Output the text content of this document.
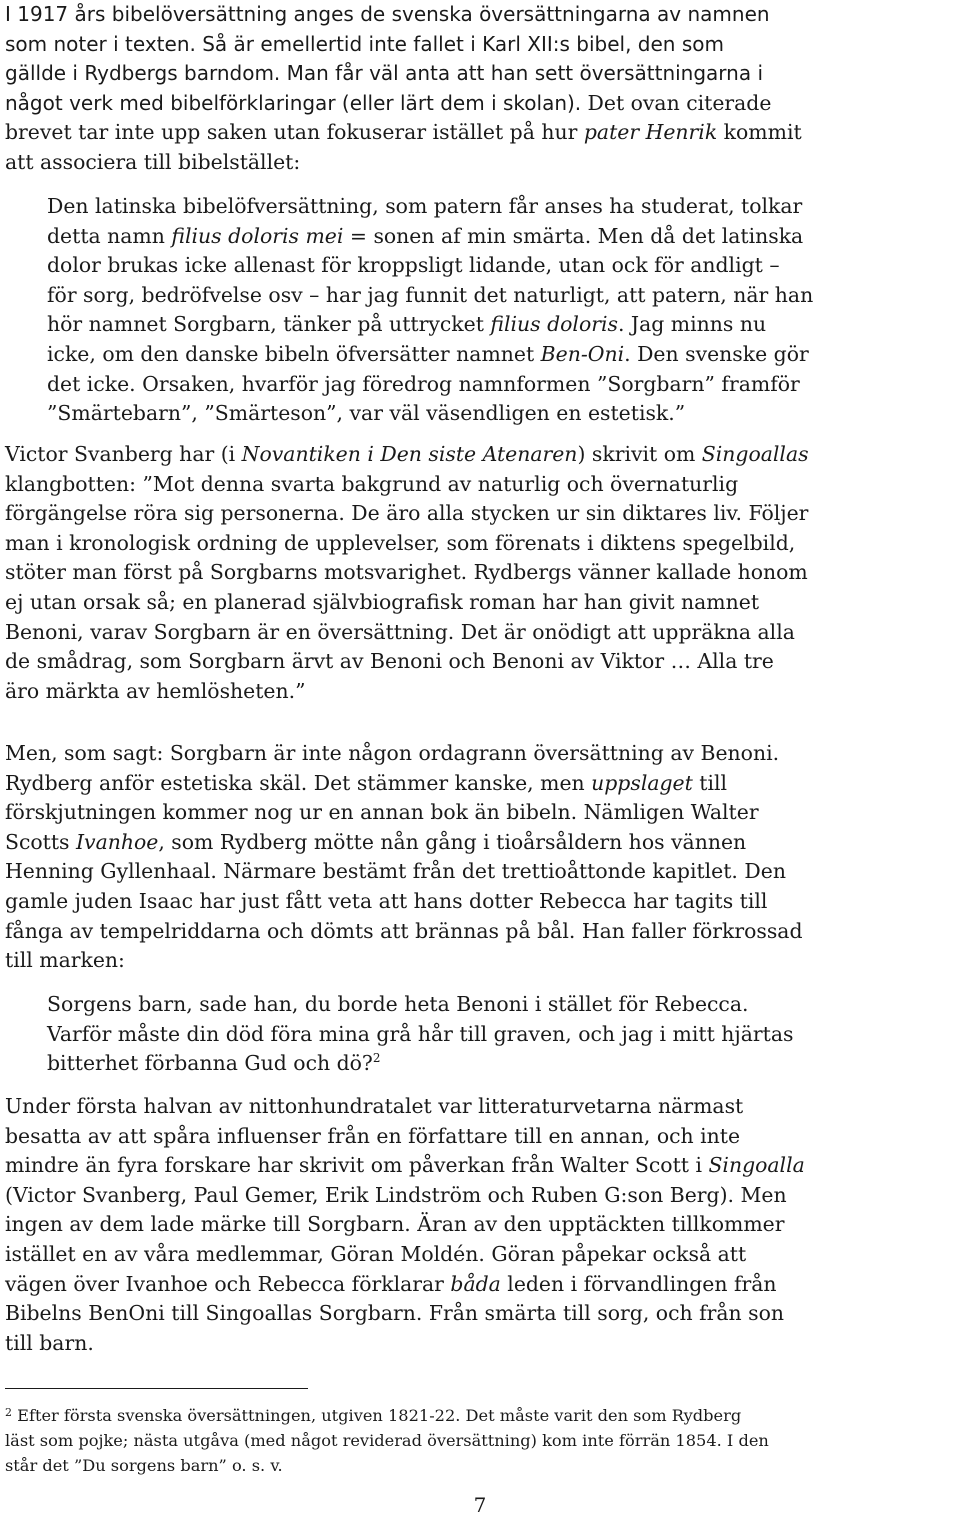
I 1917 års bibelöversättning anges de svenska översättningarna av namnen
som noter i texten. Så är emellertid inte fallet i Karl XII:s bibel, den som
gällde i Rydbergs barndom. Man får väl anta att han sett översättningarna i
något verk med bibelförklaringar (eller lärt dem i skolan). Det ovan citerade
brevet tar inte upp saken utan fokuserar istället på hur pater Henrik kommit
att associera till bibelstället:

Den latinska bibelöfversättning, som patern får anses ha studerat, tolkar
detta namn filius doloris mei = sonen af min smärta. Men då det latinska
dolor brukas icke allenast för kroppsligt lidande, utan ock för andligt –
för sorg, bedröfvelse osv – har jag funnit det naturligt, att patern, när han
hör namnet Sorgbarn, tänker på uttrycket filius doloris. Jag minns nu
icke, om den danske bibeln öfversätter namnet Ben-Oni. Den svenske gör
det icke. Orsaken, hvarför jag föredrog namnformen ”Sorgbarn” framför
”Smärtebarn”, ”Smärteson”, var väl väsendligen en estetisk.”

Victor Svanberg har (i Novantiken i Den siste Atenaren) skrivit om Singoallas
klangbotten: ”Mot denna svarta bakgrund av naturlig och övernaturlig
förgängelse röra sig personerna. De äro alla stycken ur sin diktares liv. Följer
man i kronologisk ordning de upplevelser, som förenats i diktens spegelbild,
stöter man först på Sorgbarns motsvarighet. Rydbergs vänner kallade honom
ej utan orsak så; en planerad självbiografisk roman har han givit namnet
Benoni, varav Sorgbarn är en översättning. Det är onödigt att uppräkna alla
de smådrag, som Sorgbarn ärvt av Benoni och Benoni av Viktor … Alla tre
äro märkta av hemlösheten.”

Men, som sagt: Sorgbarn är inte någon ordagrann översättning av Benoni.
Rydberg anför estetiska skäl. Det stämmer kanske, men uppslaget till
förskjutningen kommer nog ur en annan bok än bibeln. Nämligen Walter
Scotts Ivanhoe, som Rydberg mötte nån gång i tioårsåldern hos vännen
Henning Gyllenhaal. Närmare bestämt från det trettioåttonde kapitlet. Den
gamle juden Isaac har just fått veta att hans dotter Rebecca har tagits till
fånga av tempelriddarna och dömts att brännas på bål. Han faller förkrossad
till marken:

Sorgens barn, sade han, du borde heta Benoni i stället för Rebecca.
Varför måste din död föra mina grå hår till graven, och jag i mitt hjärtas
bitterhet förbanna Gud och dö?$^2$

Under första halvan av nittonhundratalet var litteraturvetarna närmast
besatta av att spåra influenser från en författare till en annan, och inte
mindre än fyra forskare har skrivit om påverkan från Walter Scott i Singoalla
(Victor Svanberg, Paul Gemer, Erik Lindström och Ruben G:son Berg). Men
ingen av dem lade märke till Sorgbarn. Äran av den upptäckten tillkommer
istället en av våra medlemmar, Göran Moldén. Göran påpekar också att
vägen över Ivanhoe och Rebecca förklarar båda leden i förvandlingen från
Bibelns BenOni till Singoallas Sorgbarn. Från smärta till sorg, och från son
till barn.

$^2$ Efter första svenska översättningen, utgiven 1821-22. Det måste varit den som Rydberg
läst som pojke; nästa utgåva (med något reviderad översättning) kom inte förrän 1854. I den
står det ”Du sorgens barn” o. s. v.

7
